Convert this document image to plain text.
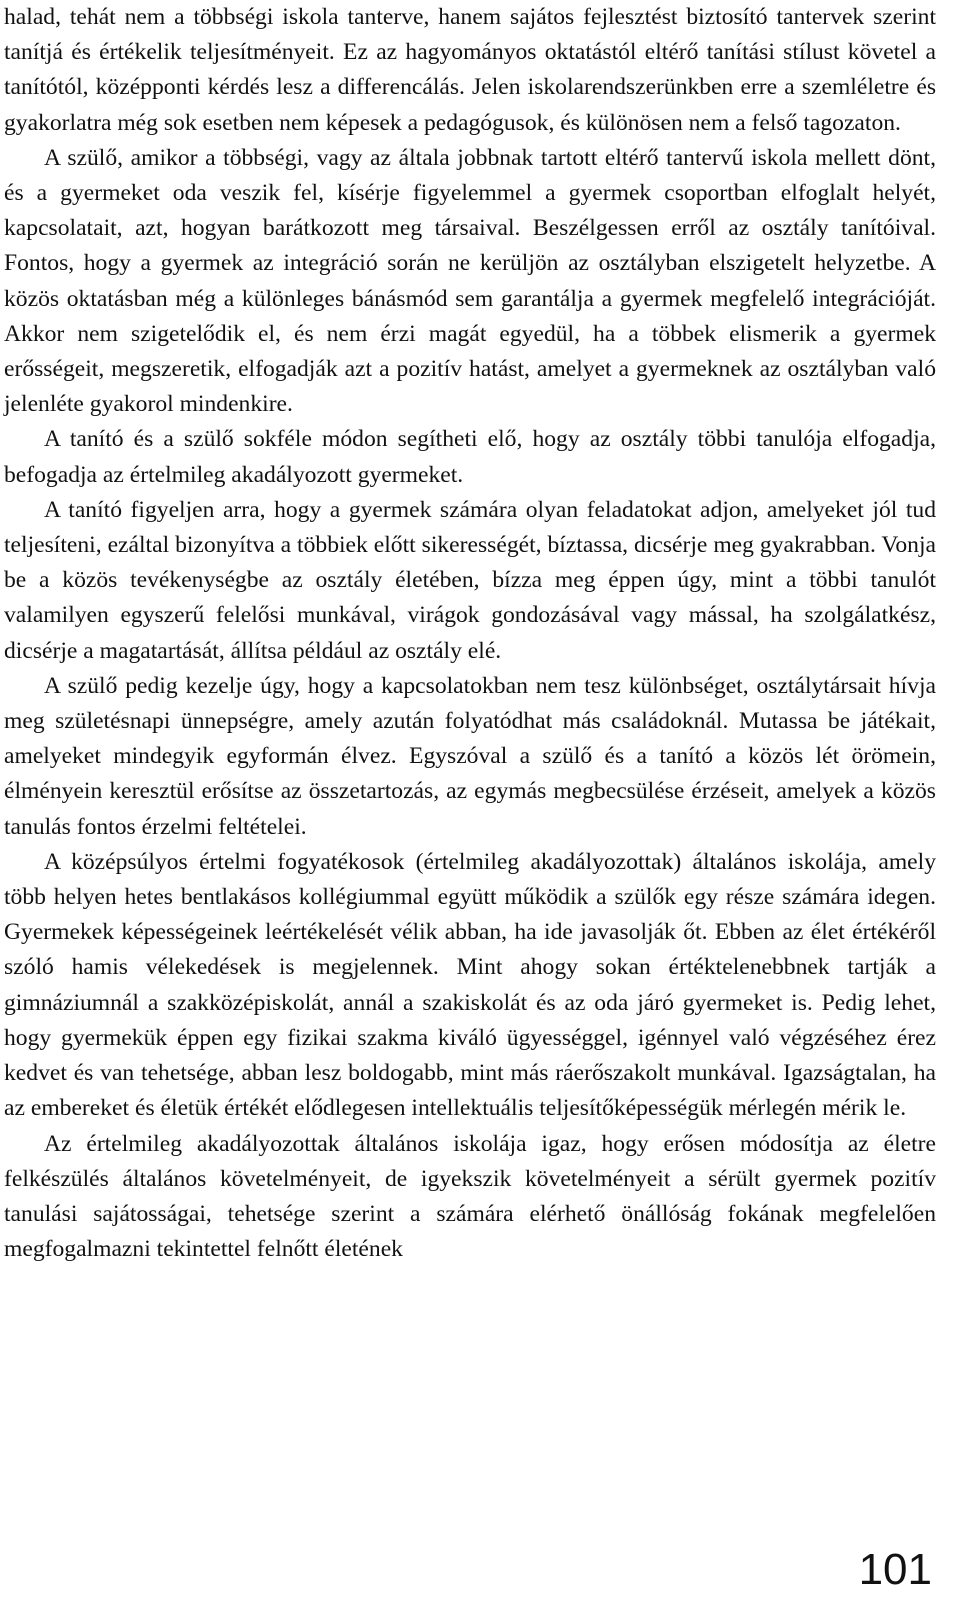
halad, tehát nem a többségi iskola tanterve, hanem sajátos fejlesztést biztosító tantervek szerint tanítjá és értékelik teljesítményeit. Ez az hagyományos oktatástól eltérő tanítási stílust követel a tanítótól, középponti kérdés lesz a differencálás. Jelen iskolarendszerünkben erre a szemléletre és gyakorlatra még sok esetben nem képesek a pedagógusok, és különösen nem a felső tagozaton.

A szülő, amikor a többségi, vagy az általa jobbnak tartott eltérő tantervű iskola mellett dönt, és a gyermeket oda veszik fel, kísérje figyelemmel a gyermek csoportban elfoglalt helyét, kapcsolatait, azt, hogyan barátkozott meg társaival. Beszélgessen erről az osztály tanítóival. Fontos, hogy a gyermek az integráció során ne kerüljön az osztályban elszigetelt helyzetbe. A közös oktatásban még a különleges bánásmód sem garantálja a gyermek megfelelő integrációját. Akkor nem szigetelődik el, és nem érzi magát egyedül, ha a többek elismerik a gyermek erősségeit, megszeretik, elfogadják azt a pozitív hatást, amelyet a gyermeknek az osztályban való jelenléte gyakorol mindenkire.

A tanító és a szülő sokféle módon segítheti elő, hogy az osztály többi tanulója elfogadja, befogadja az értelmileg akadályozott gyermeket.

A tanító figyeljen arra, hogy a gyermek számára olyan feladatokat adjon, amelyeket jól tud teljesíteni, ezáltal bizonyítva a többiek előtt sikerességét, bíztassa, dicsérje meg gyakrabban. Vonja be a közös tevékenységbe az osztály életében, bízza meg éppen úgy, mint a többi tanulót valamilyen egyszerű felelősi munkával, virágok gondozásával vagy mással, ha szolgálatkész, dicsérje a magatartását, állítsa például az osztály elé.

A szülő pedig kezelje úgy, hogy a kapcsolatokban nem tesz különbséget, osztálytársait hívja meg születésnapi ünnepségre, amely azután folyatódhat más családoknál. Mutassa be játékait, amelyeket mindegyik egyformán élvez. Egyszóval a szülő és a tanító a közös lét örömein, élményein keresztül erősítse az összetartozás, az egymás megbecsülése érzéseit, amelyek a közös tanulás fontos érzelmi feltételei.

A középsúlyos értelmi fogyatékosok (értelmileg akadályozottak) általános iskolája, amely több helyen hetes bentlakásos kollégiummal együtt működik a szülők egy része számára idegen. Gyermekek képességeinek leértékelését vélik abban, ha ide javasolják őt. Ebben az élet értékéről szóló hamis vélekedések is megjelennek. Mint ahogy sokan értéktelenebbnek tartják a gimnáziumnál a szakközépiskolát, annál a szakiskolát és az oda járó gyermeket is. Pedig lehet, hogy gyermekük éppen egy fizikai szakma kiváló ügyességgel, igénnyel való végzéséhez érez kedvet és van tehetsége, abban lesz boldogabb, mint más ráerőszakolt munkával. Igazságtalan, ha az embereket és életük értékét elődlegesen intellektuális teljesítőképességük mérlegén mérik le.

Az értelmileg akadályozottak általános iskolája igaz, hogy erősen módosítja az életre felkészülés általános követelményeit, de igyekszik követelményeit a sérült gyermek pozitív tanulási sajátosságai, tehetsége szerint a számára elérhető önállóság fokának megfelelően megfogalmazni tekintettel felnőtt életének

101
